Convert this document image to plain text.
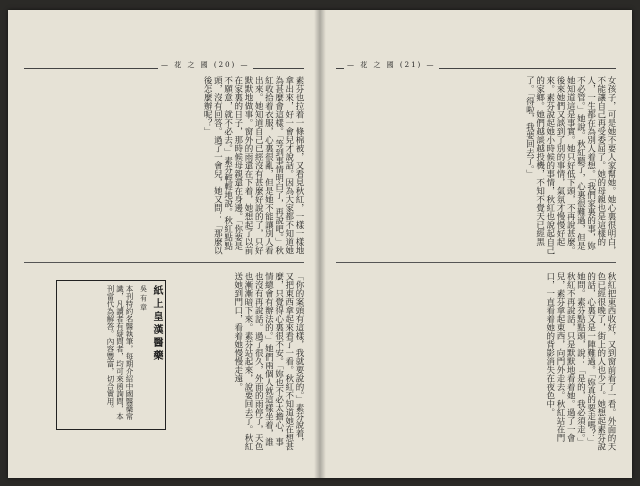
— 花 之 國 (20) —

素芬也拉着一條棉被，又看見秋紅，一樣一樣地拿出來，好一會兒才說話。因為大家都不知道她為甚麼會這樣。「等到事情明白了，再說吧。」秋紅收拾着衣服，心裏很亂，但是她不能讓別人看出來。她知道自己已經沒有甚麼好說的了，只好默默地做事。窗外的雨還在下着，她想起了以前在家裏的日子，那時候母親還在身邊。「你要是不願意，就不必去。」素芬輕輕地說。秋紅點點頭，沒有回答。過了一會兒，她又問：「那麼以後怎麼辦呢？」

「你的案頭有這樣，我就要說的。」素芬說着，又把東西拿起來看了一看。秋紅不知道她在想甚麼，只覺得心裏很不安。「妳也不必太擔心，事情總會有辦法的。」她們兩個人就這樣坐着，誰也沒有再說話。過了很久，外面的雨停了，天色也漸漸暗下來。素芬站起來，說要回去了。秋紅送她到門口，看着她慢慢走遠。

紙上皇漢醫藥
吳 有 章
本刊特約名醫執筆，每期介紹中國醫藥常識，凡讀者有疑問者，均可來函詢問，本刊當代為解答。內容豐富，切合實用。
— 花 之 國 (21) —

女孩子，可是她不要人家幫她。她心裏很明白，不能讓自己再受委屈了。她的母親也是這樣的人，一生都在為別人着想。「我們家裏的事，妳不必管。」她說。秋紅聽了，心裏很難過，但是她知道這是事實。她只好低下頭，不再說甚麼。後來她們又談到了別的事情，氣氛才慢慢好起來。素芬說起她小時候的事情，秋紅也說起自己的家鄉。她們越談越投機，不知不覺天已經黑了。「得啦，我要回去了。」

秋紅把東西收好，又到窗前看了一看。外面的天色已經很晚了，街上的人也少了。她想起素芬說的話，心裏又是一陣難過。「妳真的要走嗎？」她問。素芬點點頭，說：「是的，我必須走。」秋紅不再說話，只是默默地看着她。過了一會兒，素芬拿起東西，向門外走去。秋紅站在門口，一直看着她的背影消失在夜色中。
